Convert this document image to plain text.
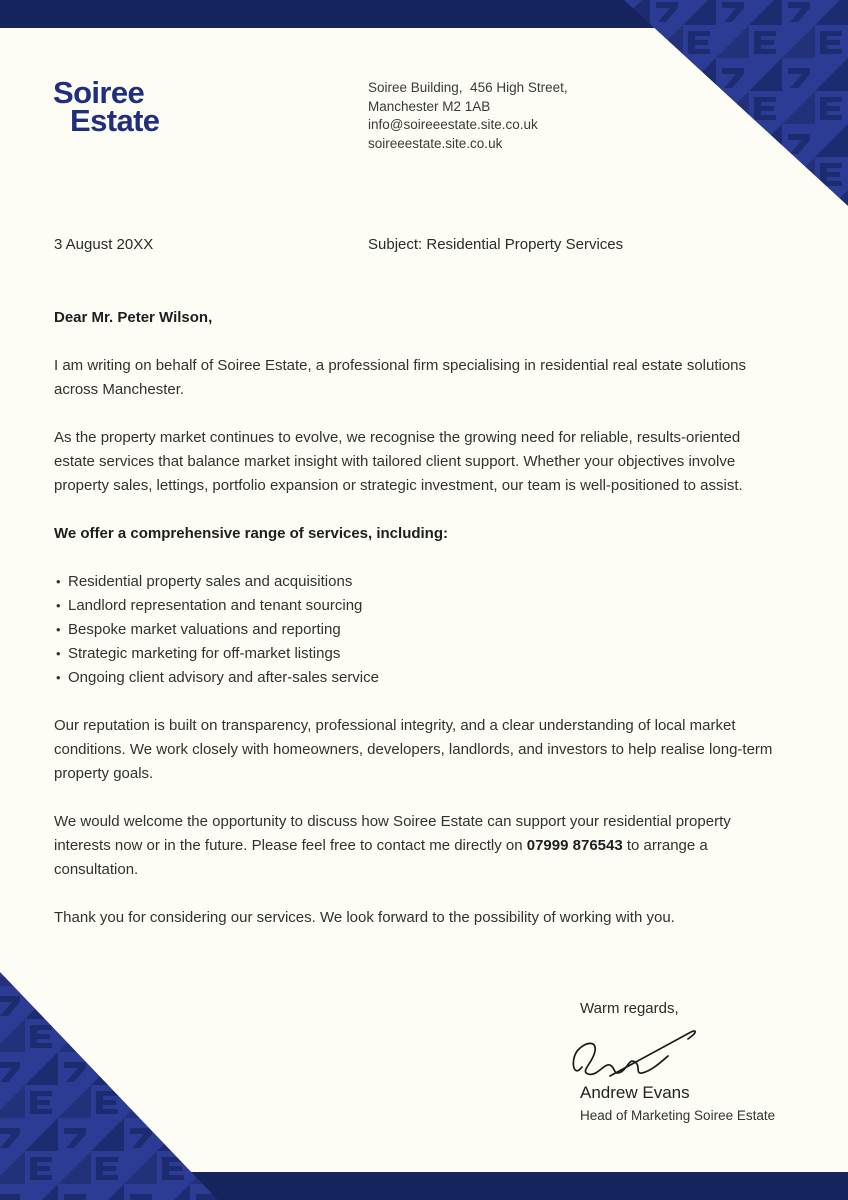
Soiree
Estate
Soiree Building,  456 High Street,
Manchester M2 1AB
info@soireeestate.site.co.uk
soireeestate.site.co.uk
3 August 20XX	Subject: Residential Property Services

Dear Mr. Peter Wilson,

I am writing on behalf of Soiree Estate, a professional firm specialising in residential real estate solutions across Manchester.

As the property market continues to evolve, we recognise the growing need for reliable, results-oriented estate services that balance market insight with tailored client support. Whether your objectives involve property sales, lettings, portfolio expansion or strategic investment, our team is well-positioned to assist.

We offer a comprehensive range of services, including:

• Residential property sales and acquisitions
• Landlord representation and tenant sourcing
• Bespoke market valuations and reporting
• Strategic marketing for off-market listings
• Ongoing client advisory and after-sales service

Our reputation is built on transparency, professional integrity, and a clear understanding of local market conditions. We work closely with homeowners, developers, landlords, and investors to help realise long-term property goals.

We would welcome the opportunity to discuss how Soiree Estate can support your residential property interests now or in the future. Please feel free to contact me directly on 07999 876543 to arrange a consultation.

Thank you for considering our services. We look forward to the possibility of working with you.

Warm regards,
Andrew Evans
Head of Marketing Soiree Estate
